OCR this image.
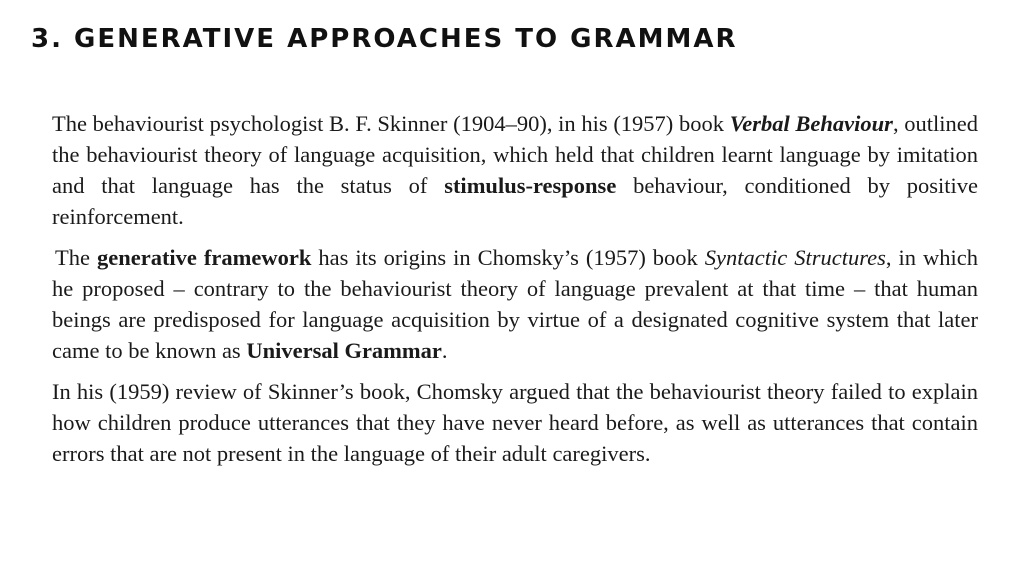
3. GENERATIVE APPROACHES TO GRAMMAR

The behaviourist psychologist B. F. Skinner (1904–90), in his (1957) book Verbal Behaviour, outlined the behaviourist theory of language acquisition, which held that children learnt language by imitation and that language has the status of stimulus-response behaviour, conditioned by positive reinforcement.

The generative framework has its origins in Chomsky’s (1957) book Syntactic Structures, in which he proposed – contrary to the behaviourist theory of language prevalent at that time – that human beings are predisposed for language acquisition by virtue of a designated cognitive system that later came to be known as Universal Grammar.

In his (1959) review of Skinner’s book, Chomsky argued that the behaviourist theory failed to explain how children produce utterances that they have never heard before, as well as utterances that contain errors that are not present in the language of their adult caregivers.
